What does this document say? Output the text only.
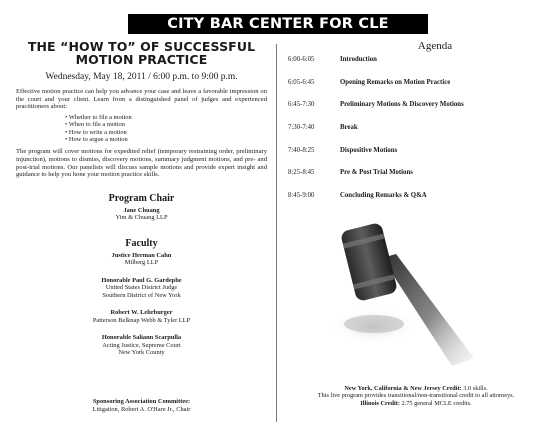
CITY BAR CENTER FOR CLE
THE “HOW TO” OF SUCCESSFUL
MOTION PRACTICE
Wednesday, May 18, 2011 / 6:00 p.m. to 9:00 p.m.
Effective motion practice can help you advance your case and leave a favorable impression on the court and your client. Learn from a distinguished panel of judges and experienced practitioners about:
• Whether to file a motion
• When to file a motion
• How to write a motion
• How to argue a motion
The program will cover motions for expedited relief (temporary restraining order, preliminary injunction), motions to dismiss, discovery motions, summary judgment motions, and pre- and post-trial motions. Our panelists will discuss sample motions and provide expert insight and guidance to help you hone your motion practice skills.
Program Chair
Jane Chuang
Yim & Chuang LLP
Faculty
Justice Herman Cahn
Milberg LLP
Honorable Paul G. Gardephe
United States District Judge
Southern District of New York
Robert W. Lehrburger
Patterson Belknap Webb & Tyler LLP
Honorable Saliann Scarpulla
Acting Justice, Supreme Court
New York County
Sponsoring Association Committee:
Litigation, Robert A. O'Hare Jr., Chair
Agenda
6:00-6:05	Introduction
6:05-6:45	Opening Remarks on Motion Practice
6:45-7:30	Preliminary Motions & Discovery Motions
7:30-7:40	Break
7:40-8:25	Dispositive Motions
8:25-8:45	Pre & Post Trial Motions
8:45-9:00	Concluding Remarks & Q&A
New York, California & New Jersey Credit: 3.0 skills.
This live program provides transitional/non-transitional credit to all attorneys.
Illinois Credit: 2.75 general MCLE credits.
